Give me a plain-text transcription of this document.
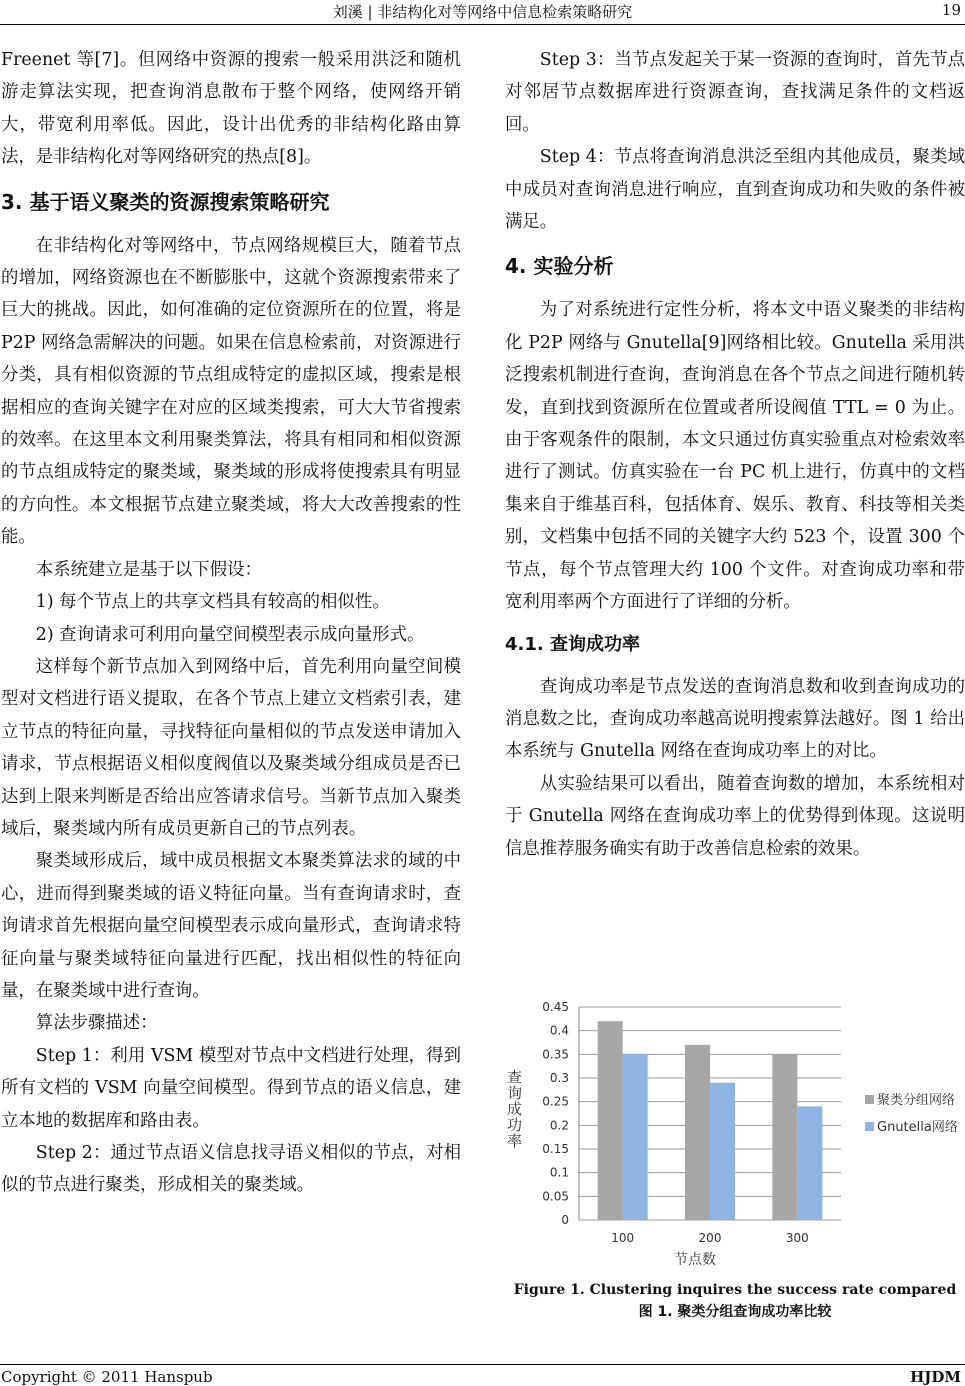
刘溪 | 非结构化对等网络中信息检索策略研究	19

Freenet 等[7]。但网络中资源的搜索一般采用洪泛和随机游走算法实现，把查询消息散布于整个网络，使网络开销大，带宽利用率低。因此，设计出优秀的非结构化路由算法，是非结构化对等网络研究的热点[8]。

3. 基于语义聚类的资源搜索策略研究

在非结构化对等网络中，节点网络规模巨大，随着节点的增加，网络资源也在不断膨胀中，这就个资源搜索带来了巨大的挑战。因此，如何准确的定位资源所在的位置，将是 P2P 网络急需解决的问题。如果在信息检索前，对资源进行分类，具有相似资源的节点组成特定的虚拟区域，搜索是根据相应的查询关键字在对应的区域类搜索，可大大节省搜索的效率。在这里本文利用聚类算法，将具有相同和相似资源的节点组成特定的聚类域，聚类域的形成将使搜索具有明显的方向性。本文根据节点建立聚类域，将大大改善搜索的性能。

本系统建立是基于以下假设：

1) 每个节点上的共享文档具有较高的相似性。

2) 查询请求可利用向量空间模型表示成向量形式。

这样每个新节点加入到网络中后，首先利用向量空间模型对文档进行语义提取，在各个节点上建立文档索引表，建立节点的特征向量，寻找特征向量相似的节点发送申请加入请求，节点根据语义相似度阀值以及聚类域分组成员是否已达到上限来判断是否给出应答请求信号。当新节点加入聚类域后，聚类域内所有成员更新自己的节点列表。

聚类域形成后，域中成员根据文本聚类算法求的域的中心，进而得到聚类域的语义特征向量。当有查询请求时，查询请求首先根据向量空间模型表示成向量形式，查询请求特征向量与聚类域特征向量进行匹配，找出相似性的特征向量，在聚类域中进行查询。

算法步骤描述：

Step 1：利用 VSM 模型对节点中文档进行处理，得到所有文档的 VSM 向量空间模型。得到节点的语义信息，建立本地的数据库和路由表。

Step 2：通过节点语义信息找寻语义相似的节点，对相似的节点进行聚类，形成相关的聚类域。

Step 3：当节点发起关于某一资源的查询时，首先节点对邻居节点数据库进行资源查询，查找满足条件的文档返回。

Step 4：节点将查询消息洪泛至组内其他成员，聚类域中成员对查询消息进行响应，直到查询成功和失败的条件被满足。

4. 实验分析

为了对系统进行定性分析，将本文中语义聚类的非结构化 P2P 网络与 Gnutella[9]网络相比较。Gnutella 采用洪泛搜索机制进行查询，查询消息在各个节点之间进行随机转发，直到找到资源所在位置或者所设阀值 TTL = 0 为止。由于客观条件的限制，本文只通过仿真实验重点对检索效率进行了测试。仿真实验在一台 PC 机上进行，仿真中的文档集来自于维基百科，包括体育、娱乐、教育、科技等相关类别，文档集中包括不同的关键字大约 523 个，设置 300 个节点，每个节点管理大约 100 个文件。对查询成功率和带宽利用率两个方面进行了详细的分析。

4.1. 查询成功率

查询成功率是节点发送的查询消息数和收到查询成功的消息数之比，查询成功率越高说明搜索算法越好。图 1 给出本系统与 Gnutella 网络在查询成功率上的对比。

从实验结果可以看出，随着查询数的增加，本系统相对于 Gnutella 网络在查询成功率上的优势得到体现。这说明信息推荐服务确实有助于改善信息检索的效果。

0
0.05
0.1
0.15
0.2
0.25
0.3
0.35
0.4
0.45
100	200	300
节点数
查询成功率
聚类分组网络
Gnutella网络
Figure 1. Clustering inquires the success rate compared
图 1. 聚类分组查询成功率比较
Copyright © 2011 Hanspub	HJDM
